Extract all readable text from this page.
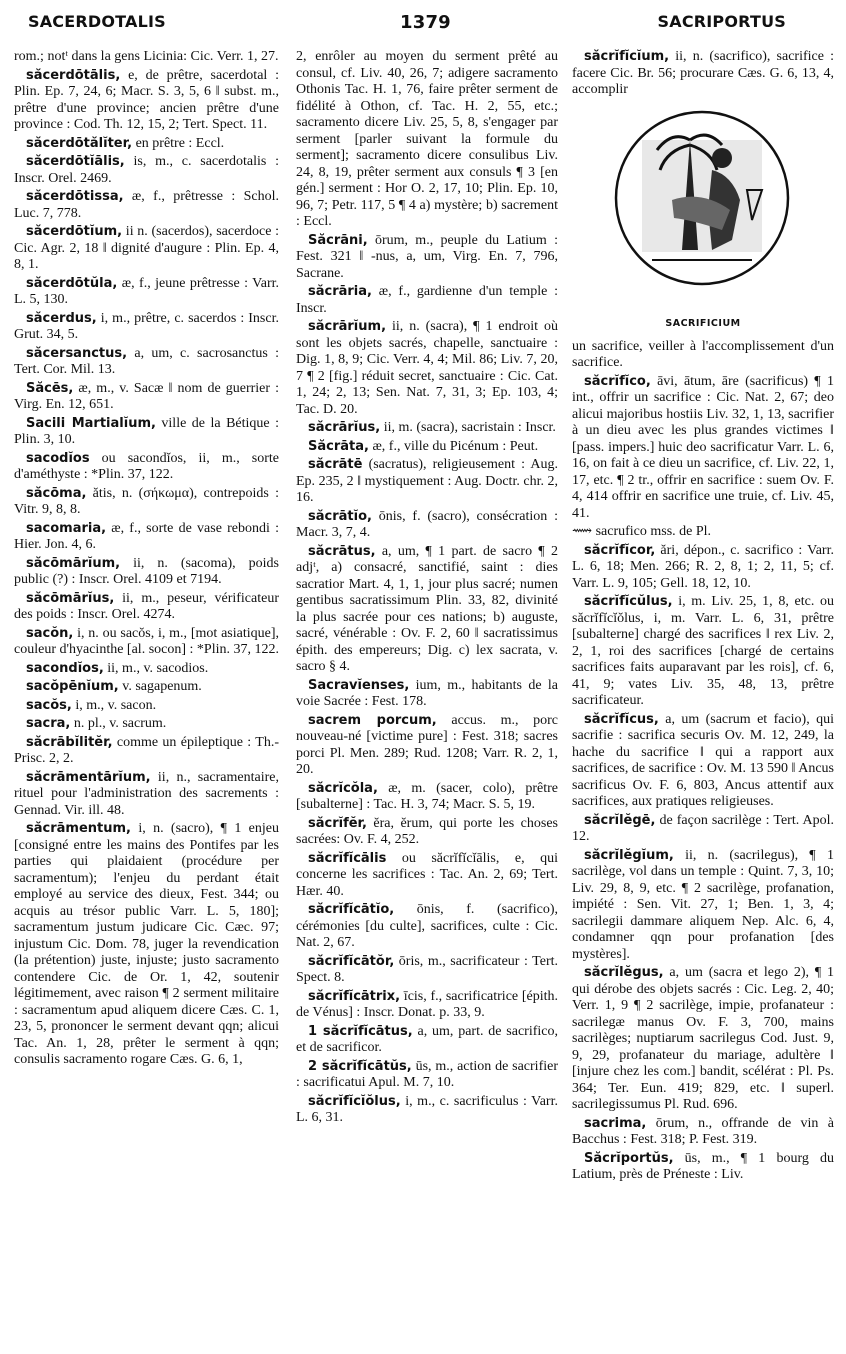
SACERDOTALIS	1379	SACRIPORTUS

rom.; notᵗ dans la gens Licinia: Cic. Verr. 1, 27.

săcerdōtālis, e, de prêtre, sacerdotal : Plin. Ep. 7, 24, 6; Macr. S. 3, 5, 6 ‖ subst. m., prêtre d'une province; ancien prêtre d'une province : Cod. Th. 12, 15, 2; Tert. Spect. 11.

săcerdōtălĭter, en prêtre : Eccl.

săcerdōtĭālis, is, m., c. sacerdotalis : Inscr. Orel. 2469.

săcerdōtissa, æ, f., prêtresse : Schol. Luc. 7, 778.

săcerdōtĭum, ii n. (sacerdos), sacerdoce : Cic. Agr. 2, 18 ‖ dignité d'augure : Plin. Ep. 4, 8, 1.

săcerdōtŭla, æ, f., jeune prêtresse : Varr. L. 5, 130.

săcerdus, i, m., prêtre, c. sacerdos : Inscr. Grut. 34, 5.

săcersanctus, a, um, c. sacrosanctus : Tert. Cor. Mil. 13.

Săcēs, æ, m., v. Sacæ ‖ nom de guerrier : Virg. En. 12, 651.

Sacili Martialĭum, ville de la Bétique : Plin. 3, 10.

sacodĭos ou sacondĭos, ii, m., sorte d'améthyste : *Plin. 37, 122.

săcōma, ătis, n. (σήκωμα), contrepoids : Vitr. 9, 8, 8.

sacomaria, æ, f., sorte de vase rebondi : Hier. Jon. 4, 6.

săcōmārĭum, ii, n. (sacoma), poids public (?) : Inscr. Orel. 4109 et 7194.

săcōmārĭus, ii, m., peseur, vérificateur des poids : Inscr. Orel. 4274.

sacŏn, i, n. ou sacŏs, i, m., [mot asiatique], couleur d'hyacinthe [al. socon] : *Plin. 37, 122.

sacondĭos, ii, m., v. sacodios.

sacŏpēnĭum, v. sagapenum.

sacŏs, i, m., v. sacon.

sacra, n. pl., v. sacrum.

săcrābĭlitĕr, comme un épileptique : Th.-Prisc. 2, 2.

săcrāmentārĭum, ii, n., sacramentaire, rituel pour l'administration des sacrements : Gennad. Vir. ill. 48.

săcrāmentum, i, n. (sacro), ¶ 1 enjeu [consigné entre les mains des Pontifes par les parties qui plaidaient (procédure per sacramentum); l'enjeu du perdant était employé au service des dieux, Fest. 344; ou acquis au trésor public Varr. L. 5, 180]; sacramentum justum judicare Cic. Cæc. 97; injustum Cic. Dom. 78, juger la revendication (la prétention) juste, injuste; justo sacramento contendere Cic. de Or. 1, 42, soutenir légitimement, avec raison ¶ 2 serment militaire : sacramentum apud aliquem dicere Cæs. C. 1, 23, 5, prononcer le serment devant qqn; alicui Tac. An. 1, 28, prêter le serment à qqn; consulis sacramento rogare Cæs. G. 6, 1,

2, enrôler au moyen du serment prêté au consul, cf. Liv. 40, 26, 7; adigere sacramento Othonis Tac. H. 1, 76, faire prêter serment de fidélité à Othon, cf. Tac. H. 2, 55, etc.; sacramento dicere Liv. 25, 5, 8, s'engager par serment [parler suivant la formule du serment]; sacramento dicere consulibus Liv. 24, 8, 19, prêter serment aux consuls ¶ 3 [en gén.] serment : Hor O. 2, 17, 10; Plin. Ep. 10, 96, 7; Petr. 117, 5 ¶ 4 a) mystère; b) sacrement : Eccl.

Săcrāni, ōrum, m., peuple du Latium : Fest. 321 ‖ -nus, a, um, Virg. En. 7, 796, Sacrane.

săcrāria, æ, f., gardienne d'un temple : Inscr.

săcrārĭum, ii, n. (sacra), ¶ 1 endroit où sont les objets sacrés, chapelle, sanctuaire : Dig. 1, 8, 9; Cic. Verr. 4, 4; Mil. 86; Liv. 7, 20, 7 ¶ 2 [fig.] réduit secret, sanctuaire : Cic. Cat. 1, 24; 2, 13; Sen. Nat. 7, 31, 3; Ep. 103, 4; Tac. D. 20.

săcrārĭus, ii, m. (sacra), sacristain : Inscr.

Săcrāta, æ, f., ville du Picénum : Peut.

săcrātē (sacratus), religieusement : Aug. Ep. 235, 2 ‖ mystiquement : Aug. Doctr. chr. 2, 16.

săcrātĭo, ōnis, f. (sacro), consécration : Macr. 3, 7, 4.

săcrātus, a, um, ¶ 1 part. de sacro ¶ 2 adjᵗ, a) consacré, sanctifié, saint : dies sacratior Mart. 4, 1, 1, jour plus sacré; numen gentibus sacratissimum Plin. 33, 82, divinité la plus sacrée pour ces nations; b) auguste, sacré, vénérable : Ov. F. 2, 60 ‖ sacratissimus épith. des empereurs; Dig. c) lex sacrata, v. sacro § 4.

Sacravĭenses, ium, m., habitants de la voie Sacrée : Fest. 178.

sacrem porcum, accus. m., porc nouveau-né [victime pure] : Fest. 318; sacres porci Pl. Men. 289; Rud. 1208; Varr. R. 2, 1, 20.

săcrĭcŏla, æ, m. (sacer, colo), prêtre [subalterne] : Tac. H. 3, 74; Macr. S. 5, 19.

săcrĭfĕr, ĕra, ĕrum, qui porte les choses sacrées: Ov. F. 4, 252.

săcrĭfĭcālis ou săcrĭfĭcĭālis, e, qui concerne les sacrifices : Tac. An. 2, 69; Tert. Hær. 40.

săcrĭfĭcātĭo, ōnis, f. (sacrifico), cérémonies [du culte], sacrifices, culte : Cic. Nat. 2, 67.

săcrĭfĭcātŏr, ōris, m., sacrificateur : Tert. Spect. 8.

săcrĭfĭcātrix, īcis, f., sacrificatrice [épith. de Vénus] : Inscr. Donat. p. 33, 9.

1 săcrĭfĭcātus, a, um, part. de sacrifico, et de sacrificor.

2 săcrĭfĭcātŭs, ūs, m., action de sacrifier : sacrificatui Apul. M. 7, 10.

săcrĭfĭcĭŏlus, i, m., c. sacrificulus : Varr. L. 6, 31.

săcrĭfĭcĭum, ii, n. (sacrifico), sacrifice : facere Cic. Br. 56; procurare Cæs. G. 6, 13, 4, accomplir

SACRIFICIUM

un sacrifice, veiller à l'accomplissement d'un sacrifice.

săcrĭfĭco, āvi, ātum, āre (sacrificus) ¶ 1 int., offrir un sacrifice : Cic. Nat. 2, 67; deo alicui majoribus hostiis Liv. 32, 1, 13, sacrifier à un dieu avec les plus grandes victimes ‖ [pass. impers.] huic deo sacrificatur Varr. L. 6, 16, on fait à ce dieu un sacrifice, cf. Liv. 22, 1, 17, etc. ¶ 2 tr., offrir en sacrifice : suem Ov. F. 4, 414 offrir en sacrifice une truie, cf. Liv. 45, 41.

⟿ sacrufico mss. de Pl.

săcrĭfĭcor, ări, dépon., c. sacrifico : Varr. L. 6, 18; Men. 266; R. 2, 8, 1; 2, 11, 5; cf. Varr. L. 9, 105; Gell. 18, 12, 10.

săcrĭfĭcŭlus, i, m. Liv. 25, 1, 8, etc. ou săcrĭfĭcĭŏlus, i, m. Varr. L. 6, 31, prêtre [subalterne] chargé des sacrifices ‖ rex Liv. 2, 2, 1, roi des sacrifices [chargé de certains sacrifices faits auparavant par les rois], cf. 6, 41, 9; vates Liv. 35, 48, 13, prêtre sacrificateur.

săcrĭfĭcus, a, um (sacrum et facio), qui sacrifie : sacrifica securis Ov. M. 12, 249, la hache du sacrifice ‖ qui a rapport aux sacrifices, de sacrifice : Ov. M. 13 590 ‖ Ancus sacrificus Ov. F. 6, 803, Ancus attentif aux sacrifices, aux pratiques religieuses.

săcrĭlĕgē, de façon sacrilège : Tert. Apol. 12.

săcrĭlĕgĭum, ii, n. (sacrilegus), ¶ 1 sacrilège, vol dans un temple : Quint. 7, 3, 10; Liv. 29, 8, 9, etc. ¶ 2 sacrilège, profanation, impiété : Sen. Vit. 27, 1; Ben. 1, 3, 4; sacrilegii dammare aliquem Nep. Alc. 6, 4, condamner qqn pour profanation [des mystères].

săcrĭlĕgus, a, um (sacra et lego 2), ¶ 1 qui dérobe des objets sacrés : Cic. Leg. 2, 40; Verr. 1, 9 ¶ 2 sacrilège, impie, profanateur : sacrilegæ manus Ov. F. 3, 700, mains sacrilèges; nuptiarum sacrilegus Cod. Just. 9, 9, 29, profanateur du mariage, adultère ‖ [injure chez les com.] bandit, scélérat : Pl. Ps. 364; Ter. Eun. 419; 829, etc. ‖ superl. sacrilegissumus Pl. Rud. 696.

sacrima, ōrum, n., offrande de vin à Bacchus : Fest. 318; P. Fest. 319.

Săcrĭportŭs, ūs, m., ¶ 1 bourg du Latium, près de Préneste : Liv.
